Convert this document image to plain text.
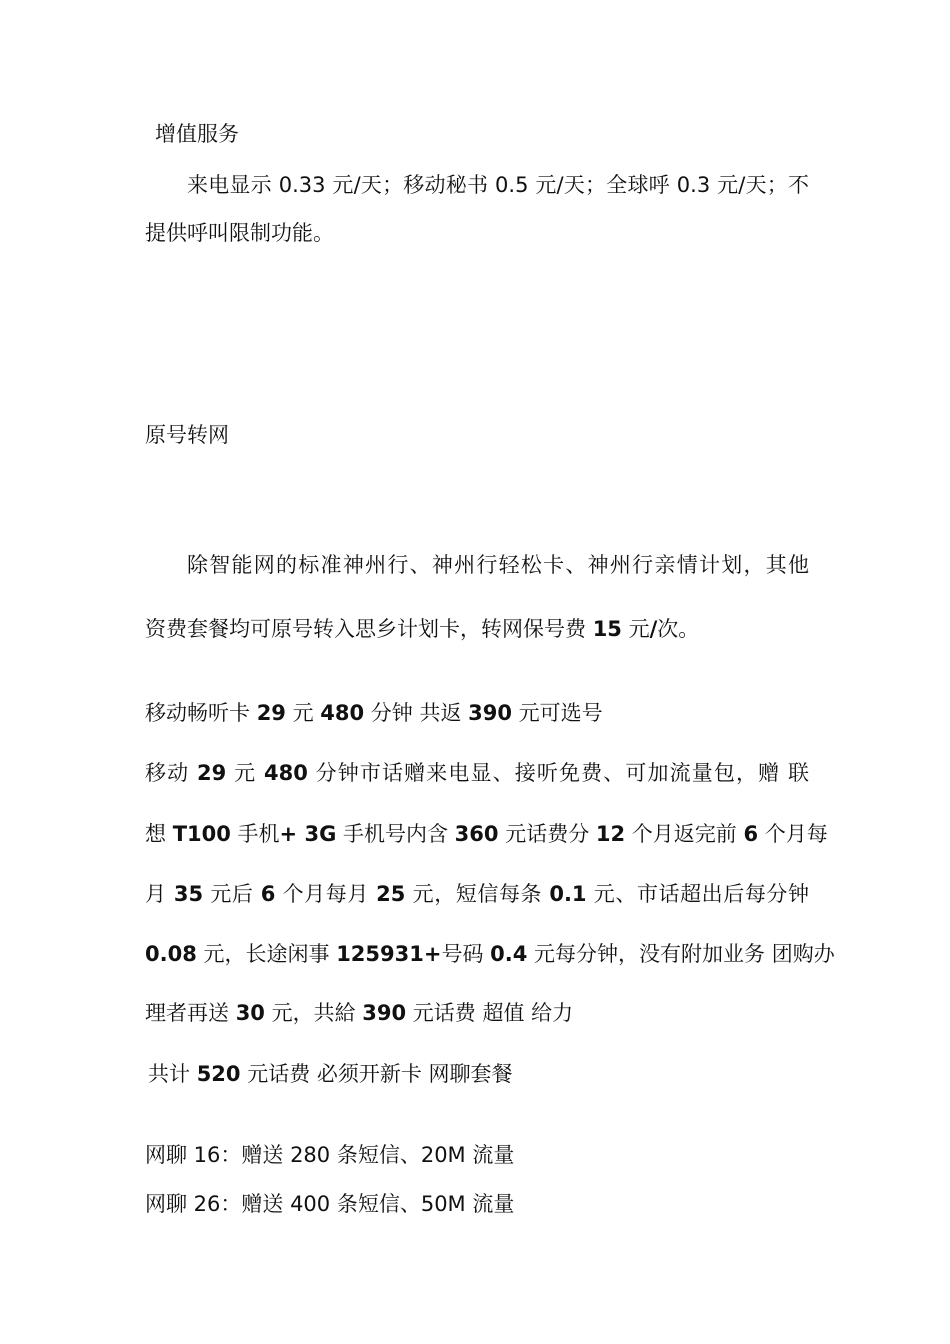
增值服务

来电显示 0.33 元/天；移动秘书 0.5 元/天；全球呼 0.3 元/天；不

提供呼叫限制功能。

原号转网

除智能网的标准神州行、神州行轻松卡、神州行亲情计划，其他

资费套餐均可原号转入思乡计划卡，转网保号费 15 元/次。

移动畅听卡 29 元 480 分钟 共返 390 元可选号

移动 29 元 480 分钟市话赠来电显、接听免费、可加流量包，赠 联

想 T100 手机+ 3G 手机号内含 360 元话费分 12 个月返完前 6 个月每

月 35 元后 6 个月每月 25 元，短信每条 0.1 元、市话超出后每分钟

0.08 元，长途闲事 125931+号码 0.4 元每分钟，没有附加业务 团购办

理者再送 30 元，共給 390 元话费 超值 给力

共计 520 元话费 必须开新卡 网聊套餐

网聊 16：赠送 280 条短信、20M 流量

网聊 26：赠送 400 条短信、50M 流量
